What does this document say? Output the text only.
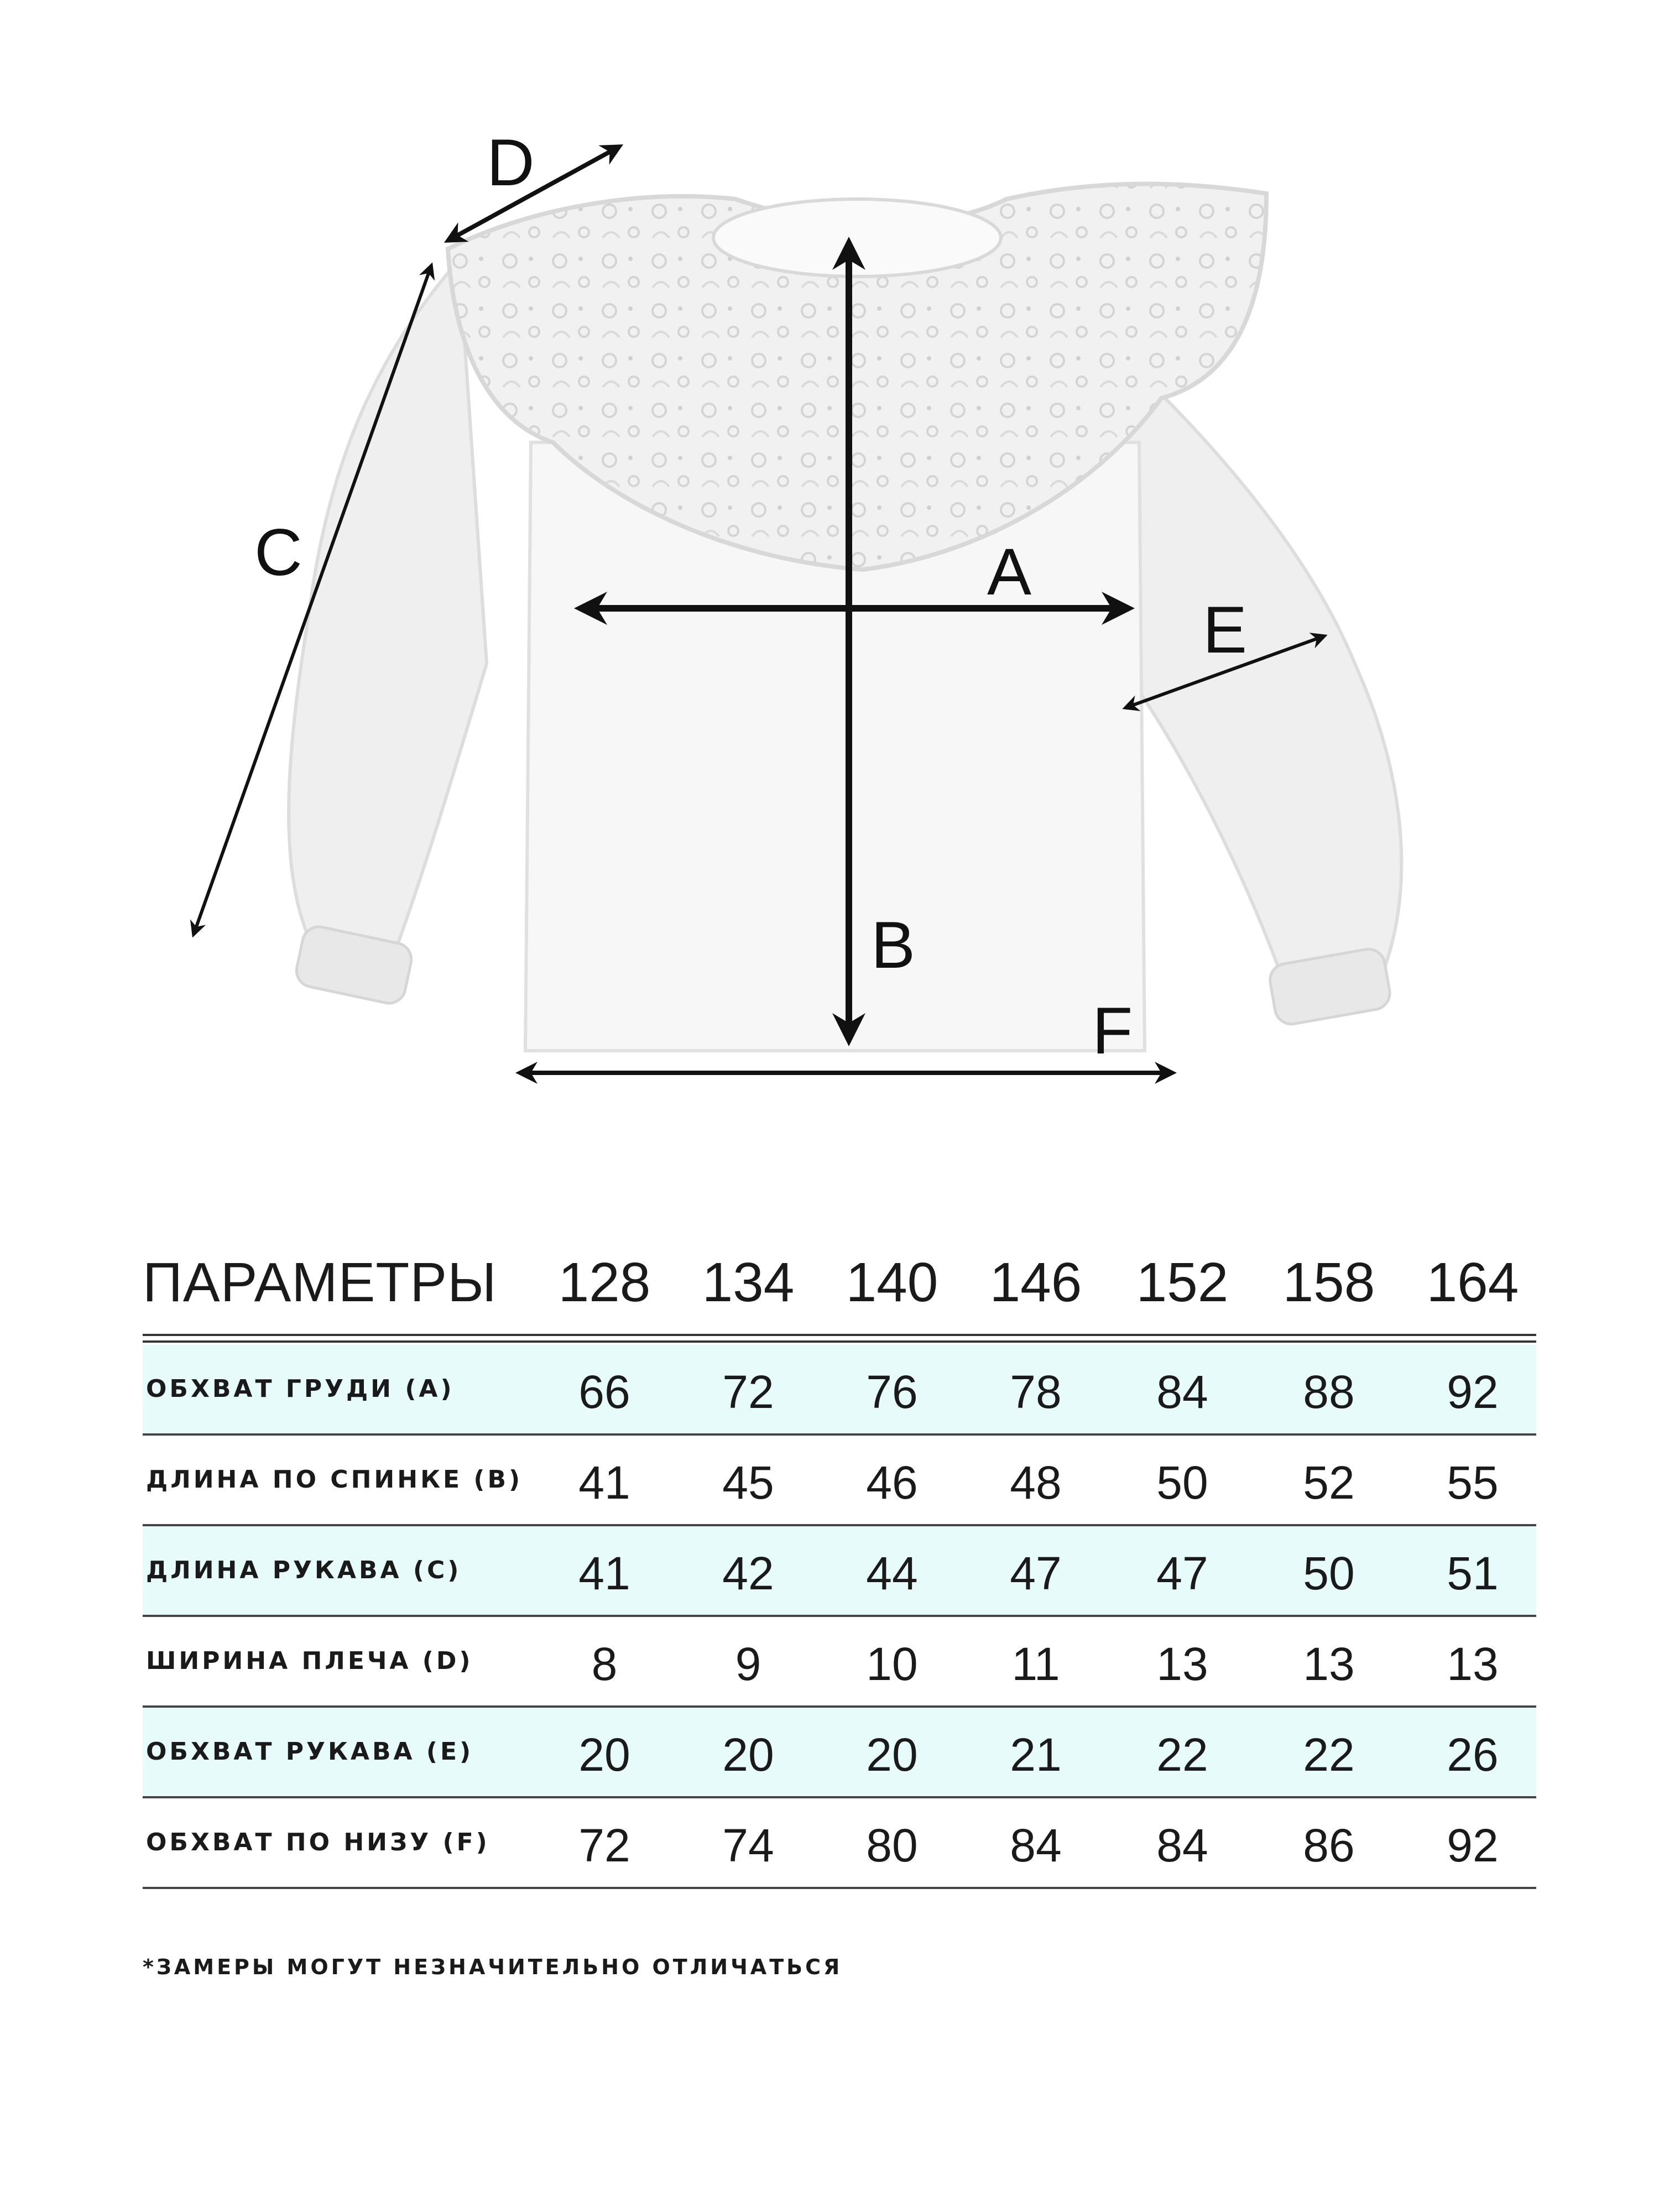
A
B
C
D
E
F
ПАРАМЕТРЫ	128 134 140 146 152 158 164
ОБХВАТ ГРУДИ (А)	66	72	76	78	84	88	92
ДЛИНА ПО СПИНКЕ (В)	41	45	46	48	50	52	55
ДЛИНА РУКАВА (С)	41	42	44	47	47	50	51
ШИРИНА ПЛЕЧА (D)	8	9	10	11	13	13	13
ОБХВАТ РУКАВА (Е)	20	20	20	21	22	22	26
ОБХВАТ ПО НИЗУ (F)	72	74	80	84	84	86	92
*ЗАМЕРЫ МОГУТ НЕЗНАЧИТЕЛЬНО ОТЛИЧАТЬСЯ
